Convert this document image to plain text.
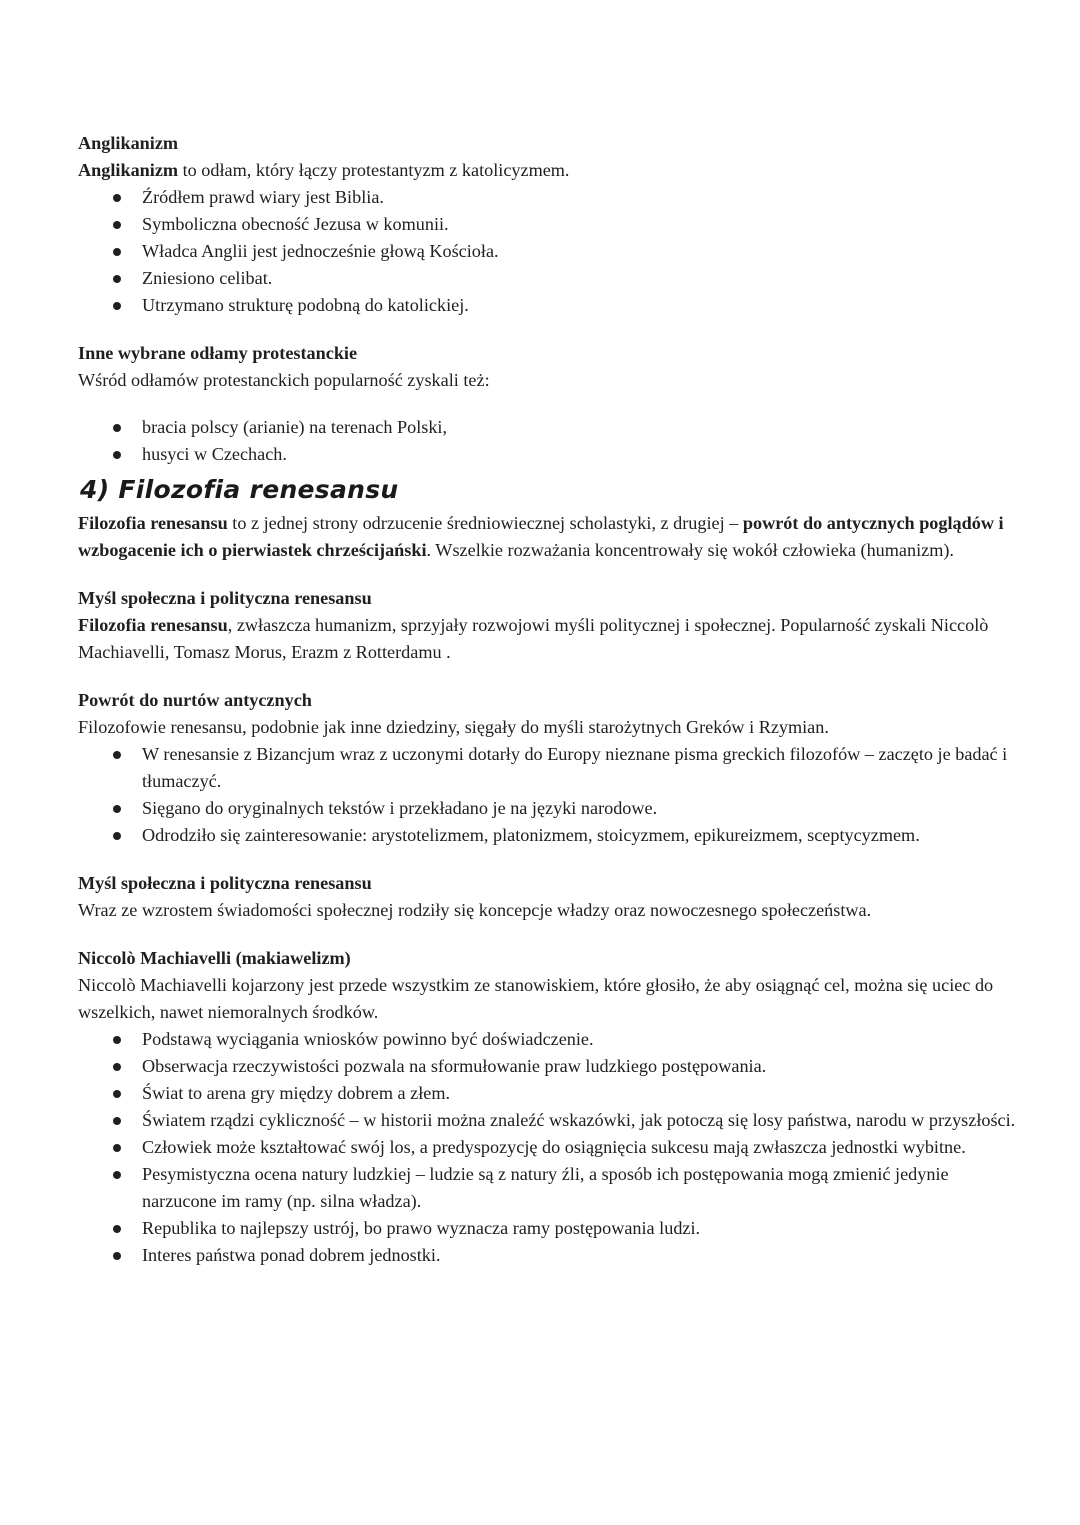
Anglikanizm

Anglikanizm to odłam, który łączy protestantyzm z katolicyzmem.

Źródłem prawd wiary jest Biblia.
Symboliczna obecność Jezusa w komunii.
Władca Anglii jest jednocześnie głową Kościoła.
Zniesiono celibat.
Utrzymano strukturę podobną do katolickiej.

Inne wybrane odłamy protestanckie

Wśród odłamów protestanckich popularność zyskali też:

bracia polscy (arianie) na terenach Polski,
husyci w Czechach.
4) Filozofia renesansu

Filozofia renesansu to z jednej strony odrzucenie średniowiecznej scholastyki, z drugiej – powrót do antycznych poglądów i wzbogacenie ich o pierwiastek chrześcijański. Wszelkie rozważania koncentrowały się wokół człowieka (humanizm).

Myśl społeczna i polityczna renesansu

Filozofia renesansu, zwłaszcza humanizm, sprzyjały rozwojowi myśli politycznej i społecznej. Popularność zyskali Niccolò Machiavelli, Tomasz Morus, Erazm z Rotterdamu .

Powrót do nurtów antycznych

Filozofowie renesansu, podobnie jak inne dziedziny, sięgały do myśli starożytnych Greków i Rzymian.

W renesansie z Bizancjum wraz z uczonymi dotarły do Europy nieznane pisma greckich filozofów – zaczęto je badać i tłumaczyć.
Sięgano do oryginalnych tekstów i przekładano je na języki narodowe.
Odrodziło się zainteresowanie: arystotelizmem, platonizmem, stoicyzmem, epikureizmem, sceptycyzmem.

Myśl społeczna i polityczna renesansu

Wraz ze wzrostem świadomości społecznej rodziły się koncepcje władzy oraz nowoczesnego społeczeństwa.

Niccolò Machiavelli (makiawelizm)

Niccolò Machiavelli kojarzony jest przede wszystkim ze stanowiskiem, które głosiło, że aby osiągnąć cel, można się uciec do wszelkich, nawet niemoralnych środków.

Podstawą wyciągania wniosków powinno być doświadczenie.
Obserwacja rzeczywistości pozwala na sformułowanie praw ludzkiego postępowania.
Świat to arena gry między dobrem a złem.
Światem rządzi cykliczność – w historii można znaleźć wskazówki, jak potoczą się losy państwa, narodu w przyszłości.
Człowiek może kształtować swój los, a predyspozycję do osiągnięcia sukcesu mają zwłaszcza jednostki wybitne.
Pesymistyczna ocena natury ludzkiej – ludzie są z natury źli, a sposób ich postępowania mogą zmienić jedynie narzucone im ramy (np. silna władza).
Republika to najlepszy ustrój, bo prawo wyznacza ramy postępowania ludzi.
Interes państwa ponad dobrem jednostki.
